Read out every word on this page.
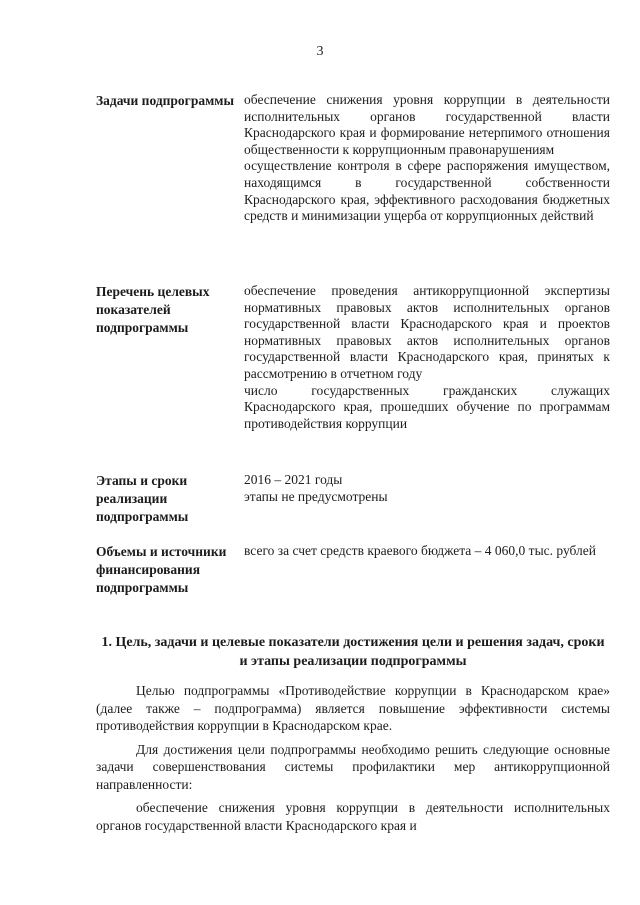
3
Задачи подпрограммы обеспечение снижения уровня коррупции в деятельности исполнительных органов государственной власти Краснодарского края и формирование нетерпимого отношения общественности к коррупционным правонарушениям

осуществление контроля в сфере распоряжения имуществом, находящимся в государственной собственности Краснодарского края, эффективного расходования бюджетных средств и минимизации ущерба от коррупционных действий

Перечень целевых показателей подпрограммы

обеспечение проведения антикоррупционной экспертизы нормативных правовых актов исполнительных органов государственной власти Краснодарского края и проектов нормативных правовых актов исполнительных органов государственной власти Краснодарского края, принятых к рассмотрению в отчетном году

число государственных гражданских служащих Краснодарского края, прошедших обучение по программам противодействия коррупции

Этапы и сроки реализации подпрограммы

2016 – 2021 годы

этапы не предусмотрены

Объемы и источники финансирования подпрограммы

всего за счет средств краевого бюджета – 4 060,0 тыс. рублей

1. Цель, задачи и целевые показатели достижения цели и решения задач, сроки и этапы реализации подпрограммы

Целью подпрограммы «Противодействие коррупции в Краснодарском крае» (далее также – подпрограмма) является повышение эффективности системы противодействия коррупции в Краснодарском крае.

Для достижения цели подпрограммы необходимо решить следующие основные задачи совершенствования системы профилактики мер антикоррупционной направленности:

обеспечение снижения уровня коррупции в деятельности исполнительных органов государственной власти Краснодарского края и
